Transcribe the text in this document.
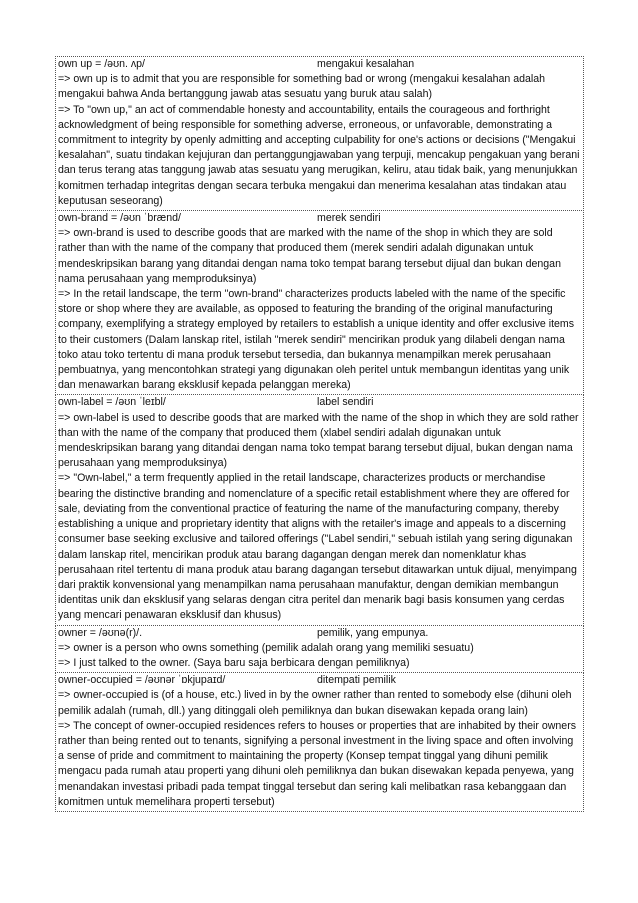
own up = /əʊn. ʌp/	mengakui kesalahan

=> own up is to admit that you are responsible for something bad or wrong (mengakui kesalahan adalah mengakui bahwa Anda bertanggung jawab atas sesuatu yang buruk atau salah)

=> To "own up," an act of commendable honesty and accountability, entails the courageous and forthright acknowledgment of being responsible for something adverse, erroneous, or unfavorable, demonstrating a commitment to integrity by openly admitting and accepting culpability for one's actions or decisions ("Mengakui kesalahan", suatu tindakan kejujuran dan pertanggungjawaban yang terpuji, mencakup pengakuan yang berani dan terus terang atas tanggung jawab atas sesuatu yang merugikan, keliru, atau tidak baik, yang menunjukkan komitmen terhadap integritas dengan secara terbuka mengakui dan menerima kesalahan atas tindakan atau keputusan seseorang)

own-brand = /əʊn ˈbrænd/	merek sendiri

=> own-brand is used to describe goods that are marked with the name of the shop in which they are sold rather than with the name of the company that produced them (merek sendiri adalah digunakan untuk mendeskripsikan barang yang ditandai dengan nama toko tempat barang tersebut dijual dan bukan dengan nama perusahaan yang memproduksinya)

=> In the retail landscape, the term "own-brand" characterizes products labeled with the name of the specific store or shop where they are available, as opposed to featuring the branding of the original manufacturing company, exemplifying a strategy employed by retailers to establish a unique identity and offer exclusive items to their customers (Dalam lanskap ritel, istilah "merek sendiri" mencirikan produk yang dilabeli dengan nama toko atau toko tertentu di mana produk tersebut tersedia, dan bukannya menampilkan merek perusahaan pembuatnya, yang mencontohkan strategi yang digunakan oleh peritel untuk membangun identitas yang unik dan menawarkan barang eksklusif kepada pelanggan mereka)

own-label = /əʊn ˈleɪbl/	label sendiri

=> own-label is used to describe goods that are marked with the name of the shop in which they are sold rather than with the name of the company that produced them (xlabel sendiri adalah digunakan untuk mendeskripsikan barang yang ditandai dengan nama toko tempat barang tersebut dijual, bukan dengan nama perusahaan yang memproduksinya)

=> "Own-label," a term frequently applied in the retail landscape, characterizes products or merchandise bearing the distinctive branding and nomenclature of a specific retail establishment where they are offered for sale, deviating from the conventional practice of featuring the name of the manufacturing company, thereby establishing a unique and proprietary identity that aligns with the retailer's image and appeals to a discerning consumer base seeking exclusive and tailored offerings ("Label sendiri," sebuah istilah yang sering digunakan dalam lanskap ritel, mencirikan produk atau barang dagangan dengan merek dan nomenklatur khas perusahaan ritel tertentu di mana produk atau barang dagangan tersebut ditawarkan untuk dijual, menyimpang dari praktik konvensional yang menampilkan nama perusahaan manufaktur, dengan demikian membangun identitas unik dan eksklusif yang selaras dengan citra peritel dan menarik bagi basis konsumen yang cerdas yang mencari penawaran eksklusif dan khusus)

owner = /əʊnə(r)/.	pemilik, yang empunya.

=> owner is a person who owns something (pemilik adalah orang yang memiliki sesuatu)

=> I just talked to the owner. (Saya baru saja berbicara dengan pemiliknya)

owner-occupied = /əʊnər ˈɒkjupaɪd/	ditempati pemilik

=> owner-occupied is (of a house, etc.) lived in by the owner rather than rented to somebody else (dihuni oleh pemilik adalah (rumah, dll.) yang ditinggali oleh pemiliknya dan bukan disewakan kepada orang lain)

=> The concept of owner-occupied residences refers to houses or properties that are inhabited by their owners rather than being rented out to tenants, signifying a personal investment in the living space and often involving a sense of pride and commitment to maintaining the property (Konsep tempat tinggal yang dihuni pemilik mengacu pada rumah atau properti yang dihuni oleh pemiliknya dan bukan disewakan kepada penyewa, yang menandakan investasi pribadi pada tempat tinggal tersebut dan sering kali melibatkan rasa kebanggaan dan komitmen untuk memelihara properti tersebut)
